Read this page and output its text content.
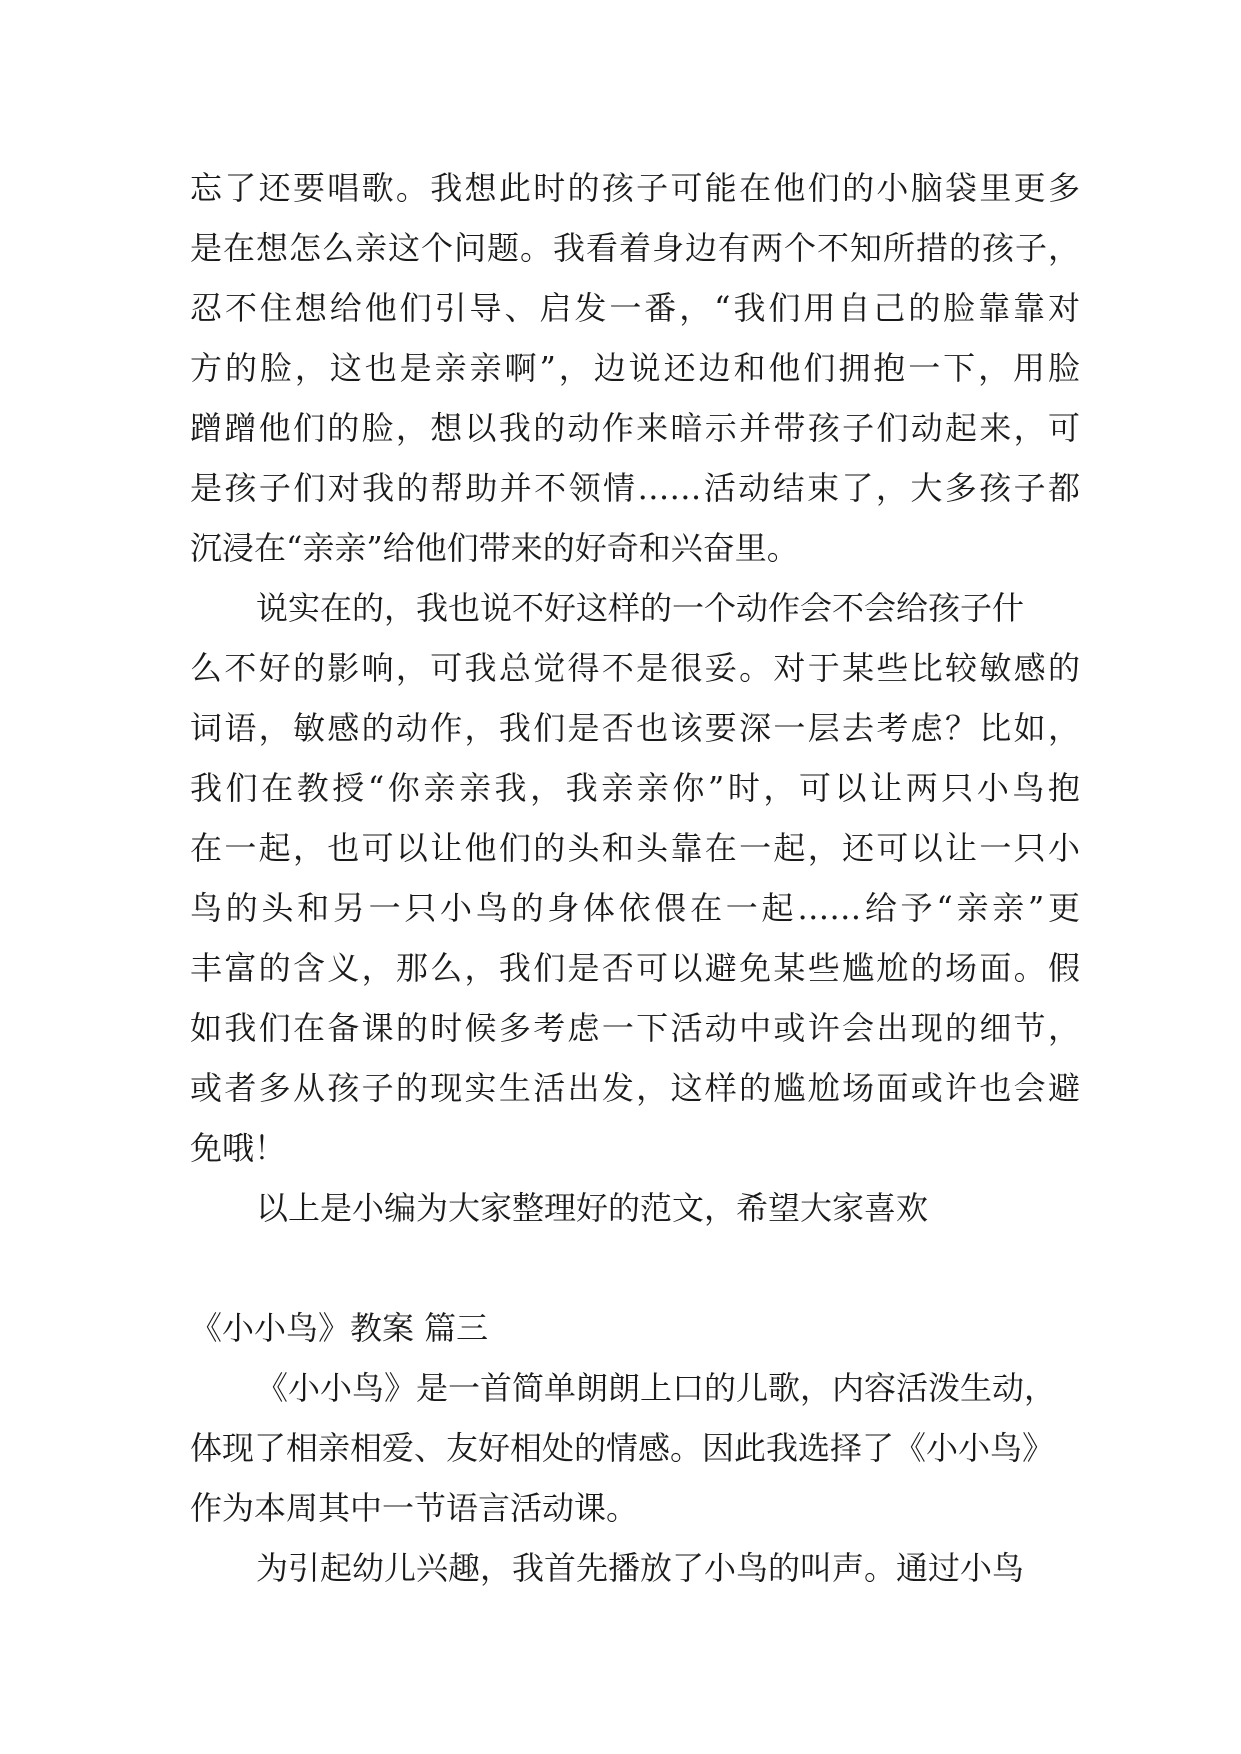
忘了还要唱歌。我想此时的孩子可能在他们的小脑袋里更多
是在想怎么亲这个问题。我看着身边有两个不知所措的孩子，
忍不住想给他们引导、启发一番，“我们用自己的脸靠靠对
方的脸，这也是亲亲啊”，边说还边和他们拥抱一下，用脸
蹭蹭他们的脸，想以我的动作来暗示并带孩子们动起来，可
是孩子们对我的帮助并不领情……活动结束了，大多孩子都
沉浸在“亲亲”给他们带来的好奇和兴奋里。
说实在的，我也说不好这样的一个动作会不会给孩子什
么不好的影响，可我总觉得不是很妥。对于某些比较敏感的
词语，敏感的动作，我们是否也该要深一层去考虑？比如，
我们在教授“你亲亲我，我亲亲你”时，可以让两只小鸟抱
在一起，也可以让他们的头和头靠在一起，还可以让一只小
鸟的头和另一只小鸟的身体依偎在一起……给予“亲亲”更
丰富的含义，那么，我们是否可以避免某些尴尬的场面。假
如我们在备课的时候多考虑一下活动中或许会出现的细节，
或者多从孩子的现实生活出发，这样的尴尬场面或许也会避
免哦！
以上是小编为大家整理好的范文，希望大家喜欢
《小小鸟》教案 篇三
《小小鸟》是一首简单朗朗上口的儿歌，内容活泼生动，
体现了相亲相爱、友好相处的情感。因此我选择了《小小鸟》
作为本周其中一节语言活动课。
为引起幼儿兴趣，我首先播放了小鸟的叫声。通过小鸟
